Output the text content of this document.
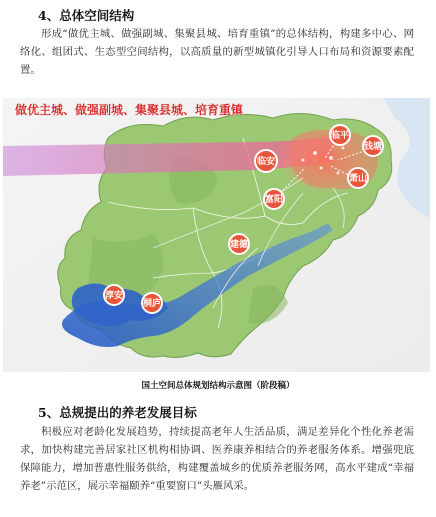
4、总体空间结构
形成“做优主城、做强副城、集聚县城、培育重镇”的总体结构，构建多中心、网络化、组团式、生态型空间结构，以高质量的新型城镇化引导人口布局和资源要素配置。
做优主城、做强副城、集聚县城、培育重镇
临平
桐庐
临安
萧山
富阳
淳安
建德
钱塘
国土空间总体规划结构示意图（阶段稿）
5、总规提出的养老发展目标
积极应对老龄化发展趋势，持续提高老年人生活品质，满足差异化个性化养老需求，加快构建完善居家社区机构相协调、医养康养相结合的养老服务体系。增强兜底保障能力，增加普惠性服务供给，构建覆盖城乡的优质养老服务网，高水平建成“幸福养老”示范区，展示幸福颐养“重要窗口”头雁风采。
